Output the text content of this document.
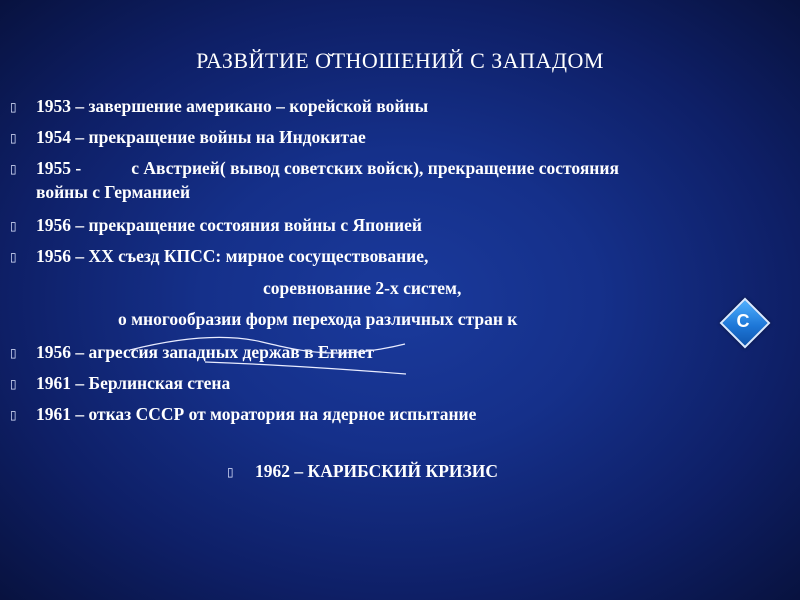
РАЗВЙТИЕ О̆ТНОШЕНИЙ С ЗАПАДОМ
▯ 1953 – завершение американо – корейской войны
▯ 1954 – прекращение войны на Индокитае
▯ 1955 -	с Австрией( вывод советских войск), прекращение состояния
войны с Германией
▯ 1956 – прекращение состояния войны с Японией
▯ 1956 – ХХ съезд КПСС: мирное сосуществование,
соревнование 2-х систем,
о многообразии форм перехода различных стран к
▯ 1956 – агрессия западных держав в Египет
▯ 1961 – Берлинская стена
▯ 1961 – отказ СССР от моратория на ядерное испытание
▯ 1962 – КАРИБСКИЙ КРИЗИС
С
